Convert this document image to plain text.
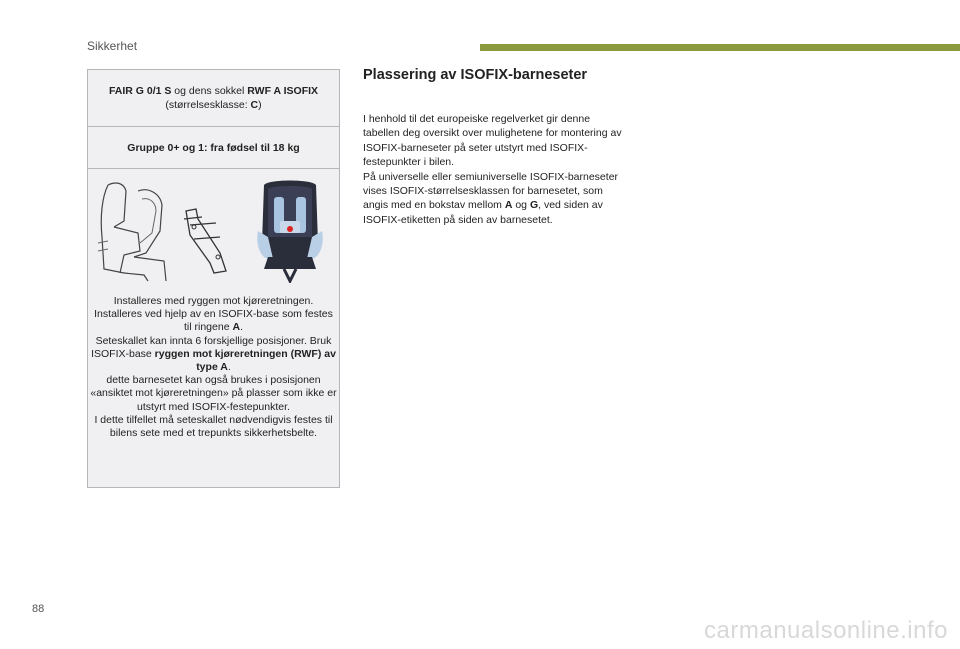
Sikkerhet
FAIR G 0/1 S og dens sokkel RWF A ISOFIX
(størrelsesklasse: C)
Gruppe 0+ og 1: fra fødsel til 18 kg

Installeres med ryggen mot kjøreretningen.

Installeres ved hjelp av en ISOFIX-base som festes til ringene A.

Seteskallet kan innta 6 forskjellige posisjoner. Bruk ISOFIX-base ryggen mot kjøreretningen (RWF) av type A.

dette barnesetet kan også brukes i posisjonen «ansiktet mot kjøreretningen» på plasser som ikke er utstyrt med ISOFIX-festepunkter.

I dette tilfellet må seteskallet nødvendigvis festes til bilens sete med et trepunkts sikkerhetsbelte.

Plassering av ISOFIX-barneseter

I henhold til det europeiske regelverket gir denne tabellen deg oversikt over mulighetene for montering av ISOFIX-barneseter på seter utstyrt med ISOFIX-festepunkter i bilen.

På universelle eller semiuniverselle ISOFIX-barneseter vises ISOFIX-størrelsesklassen for barnesetet, som angis med en bokstav mellom A og G, ved siden av ISOFIX-etiketten på siden av barnesetet.

88
carmanualsonline.info
